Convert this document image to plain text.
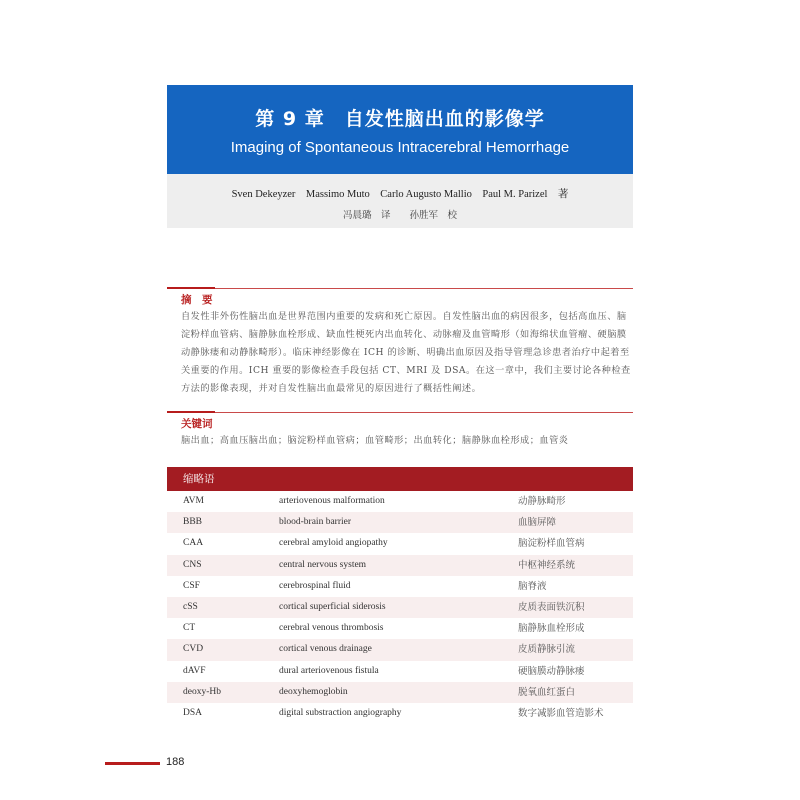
第 9 章　自发性脑出血的影像学
Imaging of Spontaneous Intracerebral Hemorrhage
Sven Dekeyzer　Massimo Muto　Carlo Augusto Mallio　Paul M. Parizel　著
冯晨璐　译　　孙胜军　校
摘　要
自发性非外伤性脑出血是世界范围内重要的发病和死亡原因。自发性脑出血的病因很多，包括高血压、脑淀粉样血管病、脑静脉血栓形成、缺血性梗死内出血转化、动脉瘤及血管畸形（如海绵状血管瘤、硬脑膜动静脉瘘和动静脉畸形）。临床神经影像在 ICH 的诊断、明确出血原因及指导管理急诊患者治疗中起着至关重要的作用。ICH 重要的影像检查手段包括 CT、MRI 及 DSA。在这一章中，我们主要讨论各种检查方法的影像表现，并对自发性脑出血最常见的原因进行了概括性阐述。
关键词
脑出血；高血压脑出血；脑淀粉样血管病；血管畸形；出血转化；脑静脉血栓形成；血管炎
缩略语
AVM	arteriovenous malformation	动静脉畸形
BBB	blood-brain barrier	血脑屏障
CAA	cerebral amyloid angiopathy	脑淀粉样血管病
CNS	central nervous system	中枢神经系统
CSF	cerebrospinal fluid	脑脊液
cSS	cortical superficial siderosis	皮质表面铁沉积
CT	cerebral venous thrombosis	脑静脉血栓形成
CVD	cortical venous drainage	皮质静脉引流
dAVF	dural arteriovenous fistula	硬脑膜动静脉瘘
deoxy-Hb	deoxyhemoglobin	脱氧血红蛋白
DSA	digital substraction angiography	数字减影血管造影术
188
